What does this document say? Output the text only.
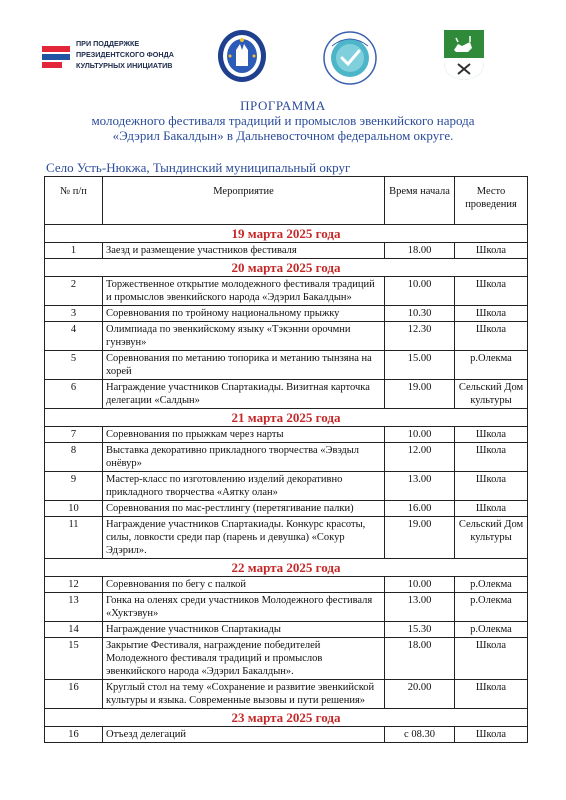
ПРИ ПОДДЕРЖКЕ
ПРЕЗИДЕНТСКОГО ФОНДА
КУЛЬТУРНЫХ ИНИЦИАТИВ
ПРОГРАММА
молодежного фестиваля традиций и промыслов эвенкийского народа
«Эдэрил Бакалдын» в Дальневосточном федеральном округе.
Село Усть-Нюкжа, Тындинский муниципальный округ
№ п/п	Мероприятие	Время начала	Место проведения
19 марта 2025 года			
1	Заезд и размещение участников фестиваля	18.00	Школа
20 марта 2025 года			
2	Торжественное открытие молодежного фестиваля традиций и промыслов эвенкийского народа «Эдэрил Бакалдын»	10.00	Школа
3	Соревнования по тройному национальному прыжку	10.30	Школа
4	Олимпиада по эвенкийскому языку «Тэкэнни орочмни гунэвун»	12.30	Школа
5	Соревнования по метанию топорика и метанию тынзяна на хорей	15.00	р.Олекма
6	Награждение участников Спартакиады. Визитная карточка делегации «Салдын»	19.00	Сельский Дом культуры
21 марта 2025 года			
7	Соревнования по прыжкам через нарты	10.00	Школа
8	Выставка декоративно прикладного творчества «Эвэдыл онёвур»	12.00	Школа
9	Мастер-класс по изготовлению изделий декоративно прикладного творчества «Аятку олан»	13.00	Школа
10	Соревнования по мас-рестлингу (перетягивание палки)	16.00	Школа
11	Награждение участников Спартакиады. Конкурс красоты, силы, ловкости среди пар (парень и девушка) «Сокур Эдэрил».	19.00	Сельский Дом культуры
22 марта 2025 года			
12	Соревнования по бегу с палкой	10.00	р.Олекма
13	Гонка на оленях среди участников Молодежного фестиваля «Хуктэвун»	13.00	р.Олекма
14	Награждение участников Спартакиады	15.30	р.Олекма
15	Закрытие Фестиваля, награждение победителей Молодежного фестиваля традиций и промыслов эвенкийского народа «Эдэрил Бакалдын».	18.00	Школа
16	Круглый стол на тему «Сохранение и развитие эвенкийской культуры и языка. Современные вызовы и пути решения»	20.00	Школа
23 марта 2025 года			
16	Отъезд делегаций	с 08.30	Школа
